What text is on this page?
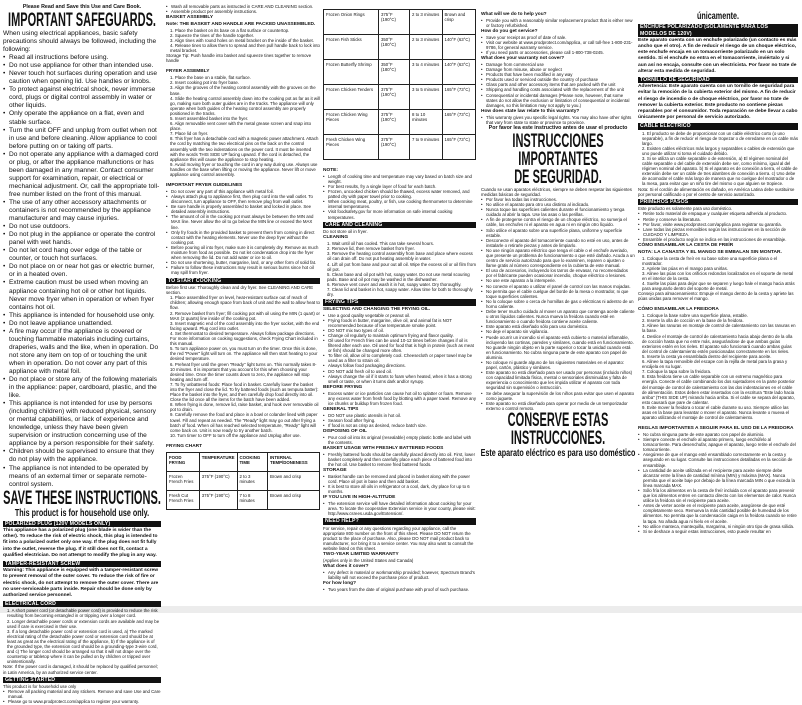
Please Read and Save this Use and Care Book.
IMPORTANT SAFEGUARDS.

When using electrical appliances, basic safety precautions should always be followed, including the following:

• Read all instructions before using.
• Do not use appliance for other than intended use.
• Never touch hot surfaces during operation and use caution when opening lid. Use handles or knobs.
• To protect against electrical shock, never immerse cord, plugs or digital control assembly in water or other liquids.
• Only operate the appliance on a flat, even and stable surface.
• Turn the unit OFF and unplug from outlet when not in use and before cleaning. Allow appliance to cool before putting on or taking off parts.
• Do not operate any appliance with a damaged cord or plug, or after the appliance malfunctions or has been damaged in any manner. Contact consumer support for examination, repair, or electrical or mechanical adjustment. Or, call the appropriate toll-free number listed on the front of this manual.
• The use of any other accessory attachments or containers is not recommended by the appliance manufacturer and may cause injuries.
• Do not use outdoors.
• Do not plug in the appliance or operate the control panel with wet hands.
• Do not let cord hang over edge of the table or counter, or touch hot surfaces.
• Do not place on or near hot gas or electric burner, or in a heated oven.
• Extreme caution must be used when moving an appliance containing hot oil or other hot liquids. Never move fryer when in operation or when fryer contains hot oil.
• This appliance is intended for household use only.
• Do not leave appliance unattended.
• A fire may occur if the appliance is covered or touching flammable materials including curtains, draperies, walls and the like, when in operation. Do not store any item on top of or touching the unit when in operation. Do not cover any part of this appliance with metal foil.
• Do not place or store any of the following materials in the appliance: paper, cardboard, plastic, and the like.
• This appliance is not intended for use by persons (including children) with reduced physical, sensory or mental capabilities, or lack of experience and knowledge, unless they have been given supervision or instruction concerning use of the appliance by a person responsible for their safety.
• Children should be supervised to ensure that they do not play with the appliance.
• The appliance is not intended to be operated by means of an external timer or separate remote-control system.
SAVE THESE INSTRUCTIONS.
This product is for household use only.
POLARIZED PLUG (120V MODELS ONLY)

This appliance has a polarized plug (one blade is wider than the other). To reduce the risk of electric shock, this plug is intended to fit into a polarized outlet only one way. If the plug does not fit fully into the outlet, reverse the plug. If it still does not fit, contact a qualified electrician. Do not attempt to modify the plug in any way.

TAMPER-RESISTANT SCREW

Warning: This appliance is equipped with a tamper-resistant screw to prevent removal of the outer cover. To reduce the risk of fire or electric shock, do not attempt to remove the outer cover. There are no user-serviceable parts inside. Repair should be done only by authorized service personnel.

ELECTRICAL CORD
1. A short power cord (or detachable power cord) is provided to reduce the risk resulting from becoming entangled in or tripping over a longer cord.
2. Longer detachable power cords or extension cords are available and may be used if care is exercised in their use.
3. If a long detachable power cord or extension cord is used, a) The marked electrical rating of the detachable power cord or extension cord should be at least as great as the electrical rating of the appliance, b) If the appliance is of the grounded type, the extension cord should be a grounding-type 3-wire cord, and c) The longer cord should be arranged so that it will not drape over the countertop or tabletop where it can be pulled on by children or tripped over unintentionally.

Note: If the power cord is damaged, it should be replaced by qualified personnel; in Latin America, by an authorized service center.

GETTING STARTED

This product is for household use only

• Remove all packing material and any stickers. Remove and save Use and Care manual.
• Please go to www.prodprotect.com/applica to register your warranty.
• Wash all removable parts as instructed in CARE AND CLEANING section.
• Assemble product per assembly instructions.
BASKET ASSEMBLY
Note: THE BASKET AND HANDLE ARE PACKED UNASSEMBLED.
1. Place the basket on its base on a flat surface or countertop.
2. Squeeze the tines of the handle together.
3. Align tines with round holes on metal bracket on the inside of the basket.
4. Release tines to allow them to spread and then pull handle back to lock into metal bracket.

Storage Tip: Push handle into basket and squeeze tines together to remove handle

FRYER ASSEMBLY
1. Place the base on a stable, flat surface.
2. Insert cooking pot into fryer base.
3. Align the grooves of the heating control assembly with the grooves on the base.
4. Slide the heating control assembly down into the cooking pot as far as it will go, making sure both outer guides are in the tracks. The appliance will only operate when both guides of the heating control assembly are properly positioned in the tracks.
5. Insert assembled basket into the fryer.
6. Align removable vent cover with the metal grease screen and snap into place.
7. Place lid on fryer.
8. This fryer has a detachable cord with a magnetic power attachment. Attach the cord by matching the two electrical pins on the back on the control assembly with the two indentations on the power cord. It must be inserted with the words THIS SIDE UP facing upward. If the cord is detached, the appliance this will cause the appliance to stop heating.
9. Avoid moving fryer or touching the cord in any way during use. Always use handles on the base when lifting or moving the appliance. Never lift or move appliance using control assembly.
IMPORTANT FRYER GUIDELINES
• Do not cover any part of this appliance with metal foil.
• Always attach plug to appliance first, then plug cord into the wall outlet. To disconnect, turn appliance to OFF, then remove plug from wall outlet.
• Be sure handle is properly assembled to basket and locked in place. See detailed assembly instructions.
• The amount of oil in the cooking pot must always be between the MIN and MAX line. Never allow the oil to go below the MIN line or exceed the MAX line.
• Only fry foods in the provided basket to prevent them from coming in direct contact with the heating elements. Never use the deep fryer without the cooking pot.
• Before pouring oil into fryer, make sure it is completely dry. Remove as much moisture from food as possible. Do not let condensation drop into the fryer when removing the lid. Do not add water or ice to oil.
• Do not use shortening, butter, margarine, lard, or any other form of solid fat.
• Failure to follow these instructions may result in serious burns since hot oil may spill from fryer.
TO START COOKING

Before first use: Thoroughly clean and dry fryer. See CLEANING AND CARE section.

1. Place assembled fryer on level, heat-resistant surface out of reach of children; allowing enough space from back of unit and the wall to allow heat to flow.
2. Remove basket from fryer; fill cooking pot with oil using the MIN (1 quart) or MAX (2 quarts) line inside of the cooking pot.
3. Insert magnetic end of the cord assembly into the fryer socket, with the end facing upward. Plug cord into outlet.
4. Set thermostat to desired temperature. Always follow package directions. For more information on cooking suggestions, check Frying Chart included in this manual.
5. To turn appliance power on, you must turn on the timer. Once this is done, the red "Power" light will turn on. The appliance will then start heating to your desired temperature.
6. Preheat fryer until the green "Ready" light turns on. This normally takes 8-10 minutes. It is important that you account for this when choosing your desired time. Once the timer counts down to zero, the appliance will stop heating and turn off.
7. To fry unbattered foods: Place food in basket. Carefully lower the basket into the fryer and close the lid. To fry battered foods (such as tempura batter): Place the basket into the fryer, and then carefully drop food directly into oil. Close the lid once all the items for the batch have been added.
8. When frying is done, remove lid, raise basket, and hook over removable oil pot to drain.
9. Carefully remove the food and place in a bowl or colander lined with paper towel. Fill and repeat as needed. The "Ready" light may go out after frying a batch of food. When oil has reached selected temperature, "Ready" light will come back on. Unit is now ready to try another batch.
10. Turn timer to OFF to turn off the appliance and Unplug after use.
FRYING CHART
FOOD FRYING	TEMPERATURE	COOKING TIME	INTERNAL TEMP/DONENESS
Frozen French Fries	375°F (190°C)	2 to 3 minutes	Brown and crisp
Fresh Cut French Fries	375°F (190°C)	7 to 8 minutes	Brown and crisp
Frozen Onion Rings	375°F (190°C)	2 to 3 minutes	Brown and crisp
Frozen Fish Sticks	350°F (180°C)	2 to 3 minutes	140°F (63°C)
Frozen Butterfly Shrimp	350°F (180°C)	3 to 4 minutes	140°F (63°C)
Frozen Chicken Tenders	375°F (190°C)	3 to 5 minutes	165°F (73°C)
Frozen Chicken Wing Pieces	375°F (190°C)	8 to 10 minutes	165°F (73°C)
Fresh Chicken Wing Pieces	375°F (190°C)	7 to 9 minutes	165°F (73°C)
NOTE:
• Length of cooking time and temperature may vary based on batch size and weight.
• For best results, fry a single layer of food for each batch.
• Frozen, uncooked chicken should be thawed, excess water removed, and patted dry with paper towel prior to cooking.
• When cooking meat, poultry, or fish, use cooking thermometer to determine internal temperatures.
• Visit foodsafety.gov for more information on safe internal cooking temperatures.
CARE AND CLEANING

Do not store oil in fryer.

CLEANING
1. Wait until oil has cooled. This can take several hours.
2. Remove lid, then remove basket from fryer.
3. Remove the heating control assembly from base and place where excess oil can drain off. Do not put heating assembly in water.
4. Lift oil pot from base and pour out all oil. Wipe the excess oil or oil film from oil pot.
5. Clean base and oil pot with hot, soapy water. Do not use metal scouring pads. Base and oil pot may be washed in the dishwasher.
6. Remove vent cover and wash it in hot, soapy water. Dry thoroughly.
7. Clean lid and basket in hot, soapy water. Allow time for both to thoroughly dry.
FRYING TIPS
SELECTING AND CHANGING THE FRYING OIL.
• Use a good quality vegetable or peanut oil.
• Frying foods in butter, margarine, olive oil, and animal fat is NOT recommended because of low temperature smoke point.
• DO NOT mix two types of oil.
• Change oil regularly to maintain optimum frying and flavor quality.
• Oil used for French fries can be used 10-12 times before changes if oil is filtered after each use. Oil used for food that is high in protein (such as meat or fish) should be changed more often.
• To filter oil, allow oil to completely cool. Cheesecloth or paper towel may be used as a filter to strain oil.
• Always follow food packaging directions.
• DO NOT add fresh oil to used oil.
• Always change the oil if it starts to foam when heated, when it has a strong smell or taste, or when it turns dark and/or syrupy.
BEFORE FRYING
• Excess water or ice particles can cause hot oil to splatter or foam. Remove any excess water from fresh food by blotting with a paper towel. Remove any ice chunks or buildup from frozen food.
GENERAL TIPS
• DO NOT use plastic utensils in hot oil.
• Season food after frying.
• If food is not as crisp as desired, reduce batch size.
DISPOSING OF OIL
• Pour cool oil into its original (resealable) empty plastic bottle and label with the contents.
BASKET USAGE WITH FRESHLY BATTERED FOODS
• Freshly battered foods should be carefully placed directly into oil. First, lower basket completely and then carefully place each piece of battered food into the hot oil. Use basket to remove fried battered foods.
STORAGE
• Basket handle can be removed and placed in basket along with the power cord. Place oil pot in base and then add basket.
• It is best to store all oils in refrigerator or a cool, dark, dry place for up to 6 months.
IF YOU LIVE IN HIGH-ALTITUDE
• The extension service will have detailed information about cooking for your area. To locate the cooperative Extension service in your county, please visit: http://www.csrees.usda.gov/Extension/.
NEED HELP?

For service, repair or any questions regarding your appliance, call the appropriate 800 number on the front of this sheet. Please DO NOT return the product to the place of purchase. Also, please DO NOT mail product back to manufacturer, nor bring it to a service center. You may also want to consult the website listed on this sheet.

TWO-YEAR LIMITED WARRANTY

(Applies only in the United States and Canada)

What does it cover?
• Any defect in material or workmanship provided; however, Spectrum Brand's liability will not exceed the purchase price of product.
For how long?
• Two years from the date of original purchase with proof of such purchase.
What will we do to help you?
• Provide you with a reasonably similar replacement product that is either new or factory refurbished.
How do you get service?
• Save your receipt as proof of date of sale.
• Visit our website at www.prodprotect.com/applica, or call toll-free 1-800-231-9786, for general warranty service.
• If you need parts or accessories, please call 1-800-738-0245.
What does your warranty not cover?
• Damage from commercial use
• Damage from misuse, abuse or neglect
• Products that have been modified in any way
• Products used or serviced outside the country of purchase
• Glass parts and other accessory items that are packed with the unit
• Shipping and handling costs associated with the replacement of the unit
• Consequential or incidental damages (Please note, however, that some states do not allow the exclusion or limitation of consequential or incidental damages, so this limitation may not apply to you.)
How does state law relate to this warranty?
• This warranty gives you specific legal rights. You may also have other rights that vary from state to state or province to province.
Por favor lea este instructivo antes de usar el producto
INSTRUCCIONES
IMPORTANTES
DE SEGURIDAD.

Cuando se usan aparatos eléctricos, siempre se deben respetar las siguientes medidas básicas de seguridad.

• Por favor lea todas las instrucciones.
• No utilice el aparato para otro uso distinto al indicado.
• Nunca toque las superficies calientes durante el funcionamiento y tenga cuidado al abrir la tapa. Use las asas o las perillas.
• A fin de protegerse contra el riesgo de un choque eléctrico, no sumerja el cable, los enchufes ni el aparato en agua ni en ningún otro líquido.
• Sólo utilice el aparato sobre una superficie plana, uniforme y superficie estable.
• Desconecte el aparato del tomacorriente cuando no esté en uso, antes de instalarle o retirarle piezas y antes de limpiarlo.
• No use ningún aparato eléctrico que tenga el cable o el enchufe averiado, que presente un problema de funcionamiento o que esté dañado. Acuda a un centro de servicio autorizado para que lo examinen, reparen o ajusten o llame gratis al número correspondiente en la cubierta de este manual.
• El uso de accesorios, incluyendo los tarros de envasar, no recomendados por el fabricante pueden ocasionar incendio, choque eléctrico o lesiones.
• No use este aparato a la intemperie.
• No conecte el aparato o utilizar el panel de control con las manos mojadas.
• No permita que el cable cuelgue del borde de la mesa o mostrador, ni que toque superficies calientes.
• No lo coloque sobre o cerca de hornillas de gas o eléctricas ni adentro de un horno caliente.
• Debe tener mucho cuidado al mover un aparato que contenga aceite caliente u otros líquidos calientes. Nunca mueva la freidora cuando esté en funcionamiento o cuando freidora contiene aceite caliente.
• Este aparato está diseñado sólo para uso doméstico.
• No deje el aparato sin vigilancia.
• Puede ocurrir un incendio si el aparato está cubierto o material inflamable, incluyendo las cortinas, paredes y similares, cuando está en funcionamiento. No guarde ningún objeto en la parte superior o tocar la unidad cuando está en funcionamiento. No cubra ninguna parte de este aparato con papel de aluminio.
• No coloque ni guarde alguno de los siguientes materiales en el aparato: papel, cartón, plástico y similares.
• Este aparato no está diseñado para ser usado por personas (incluido niños) con capacidad limitada física, mental o sensoriales disminuidas y falta de experiencia o conocimiento que les impida utilizar el aparato con toda seguridad sin supervisión o instrucción.
• Se debe asegurar la supervisión de los niños para evitar que usen el aparato como juguete.
• Este aparato no está diseñado para operar por medio de un temporizador externo o control remoto.
CONSERVE ESTAS
INSTRUCCIONES.
Este aparato eléctrico es para uso doméstico
únicamente.
ENCHUFE POLARIZADO (SOLAMENTE PARA LOS MODELOS DE 120V)

Este aparato cuenta con un enchufe polarizado (un contacto es más ancho que el otro). A fin de reducir el riesgo de un choque eléctrico, este enchufe encaja en un tomacorriente polarizado en un solo sentido. Si el enchufe no entra en el tomacorriente, inviértalo y si aun así no encaja, consulte con un electricista. Por favor no trate de alterar esta medida de seguridad.

TORNILLO DE SEGURIDAD

Advertencia: Este aparato cuenta con un tornillo de seguridad para evitar la remoción de la cubierta exterior del mismo. A fin de reducir el riesgo de incendio o de choque eléctrico, por favor no trate de remover la cubierta exterior. Este producto no contiene piezas reparables por el consumidor. Toda reparación se debe llevar a cabo únicamente por personal de servicio autorizado.

CABLE ELÉCTRICO
1. El producto se debe de proporcionar con un cable eléctrico corto (o uno separable), a fin de reducir el riesgo de tropezar o de enredarse en un cable más largo.
2. Existen cables eléctricos más largos y separables o cables de extensión que uno puede utilizar si toma el cuidado debido.
3. Si se utiliza un cable separable o de extensión, a) El régimen nominal del cable separable o del cable de extensión debe ser, como mínimo, igual al del régimen nominal del aparato. b) Si el aparato es de conexión a tierra, el cable de extensión debe ser un cable de tres alambres de conexión a tierra. c) Uno debe de acomodar el cable más largo de manera que no cuelgue del mostrador o de la mesa, para evitar que un niño tire del mismo o que alguien se tropiece.

Nota: Si el cordón de alimentación es dañado, en América Latina debe sustituirse por personal calificado o por el centro de servicio autorizado.

PRIMEROS PASOS

Este producto es solamente para uso doméstico.

• Retire todo material de empaque y cualquier etiqueta adherida al producto.
• Retire y conserve la literatura.
• Por favor, visite www.prodprotect.com/applica para registrar su garantía.
• Lave todas las piezas removibles según las instrucciones en la sección de CUIDADO Y LIMPIEZA.
• Ensamble el producto según se indica en las instrucciones de ensamblaje.
CÓMO ENSAMBLAR LA CESTA DE FREÍR
NOTA: LA CANASTA Y EL MANGO SE EMBALAN SIN MONTAR.
1. Coloque la cesta de freír en su base sobre una superficie plana o el mostrador.
2. Apriete las púas en el mango para unirlas.
3. Alinee las púas con los orificios redondos localizados en el soporte de metal en el interior de la cesta.
4. Suelte las púas para dejar que se separen y luego hale el mango hacia atrás para asegurarlo dentro del soporte de metal.

Consejo para almacenamiento: Empuje el mango dentro de la cesta y apriete las púas unidas para remover el mango.

CÓMO ENSAMBLAR LA FREIDORA
1. Coloque la base sobre una superficie plana, estable.
2. Inserte la olla de cocción en la base de la freidora.
3. Alinee las ranuras en montaje de control de calentamiento con las ranuras en la base.
4. Deslice el montaje de control de calentamiento hacia abajo dentro de la olla de cocción hasta que no entre más, asegurándose de que ambas guías exteriores estén en los rieles. El aparato solo funcionará cuando ambas guías del control de calentamiento estén posicionadas correctamente en los rieles.
5. Inserte la cesta ya ensamblada dentro del recipiente para aceite.
6. Alinee la tapa removible del escape con la rejilla de metal para la grasa y encájela en su lugar.
7. Coloque la tapa sobre la freidora.
8. Esta freidora tiene un cable separable con un extremo magnético para energía. Conecte el cable combinando los dos sujetadores en la parte posterior del montaje de control de calentamiento con las dos indentaciones en el cable de alimentación. Estos deben estar insertados con la escritura "Este lado hacia arriba" (THIS SIDE UP) mirando hacia arriba. Si el cable se separa del aparato, esto causará que pare de calentar.
9. Evite mover la freidora o tocar el cable durante su uso. Siempre utilice las asas en la base para levantar o mover el aparato. Nunca levante o mueva el aparato utilizando el montaje de control de calentamiento.
REGLAS IMPORTANTES A SEGUIR PARA EL USO DE LA FREIDORA
• No cubra ninguna parte de este aparato con papel de aluminio.
• Siempre conecte el enchufe al aparato primero, luego enchúfelo al tomacorriente. Para desenchufar, apague el aparato, luego retire el enchufe del tomacorriente.
• Asegúrese de que el mango esté ensamblado correctamente en la cesta y asegurado en su lugar. Consulte las instrucciones detalladas en la sección de ensamblaje.
• La cantidad de aceite utilizada en el recipiente para aceite siempre debe alcanzar entre la línea de cantidad mínima (MIN) y máxima (MAX). Nunca permita que el aceite baje por debajo de la línea marcada MIN o que exceda la línea marcada MAX.
• Sólo fría los alimentos en la cesta de freír incluida con el aparato para prevenir que los alimentos entren en contacto directo con los elementos de calor. Nunca utilice la freidora sin el recipiente para aceite.
• Antes de verter aceite en el recipiente para aceite, asegúrese de que esté completamente seco. Remueva la más cantidad posible de humedad de los alimentos. No permita que la condensación caiga en la freidora cuando se retire la tapa. No añada agua ni hielo en el aceite.
• No utilice manteca, mantequilla, margarina, ni ningún otro tipo de grasa sólida.
• Si se deshace a seguir estas instrucciones, esto puede resultar en
